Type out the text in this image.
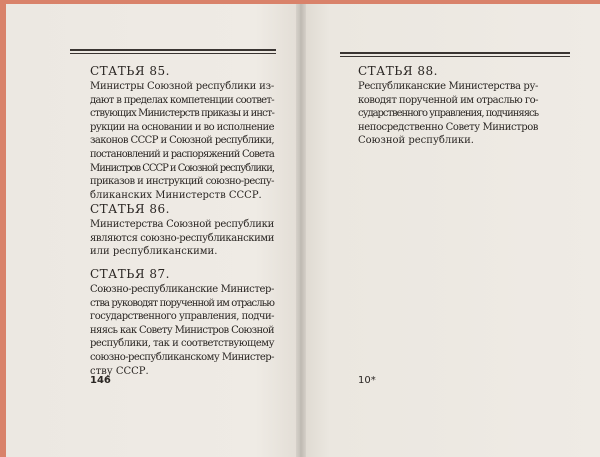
СТАТЬЯ 85.
Министры Союзной республики из-
дают в пределах компетенции соответ-
ствующих Министерств приказы и инст-
рукции на основании и во исполнение
законов СССР и Союзной республики,
постановлений и распоряжений Совета
Министров СССР и Союзной республики,
приказов и инструкций союзно-респу-
бликанских Министерств СССР.
СТАТЬЯ 86.
Министерства Союзной республики
являются союзно-республиканскими
или республиканскими.
СТАТЬЯ 87.
Союзно-республиканские Министер-
ства руководят порученной им отраслью
государственного управления, подчи-
няясь как Совету Министров Союзной
республики, так и соответствующему
союзно-республиканскому Министер-
ству СССР.
146
СТАТЬЯ 88.
Республиканские Министерства ру-
ководят порученной им отраслью го-
сударственного управления, подчиняясь
непосредственно Совету Министров
Союзной республики.
10*
